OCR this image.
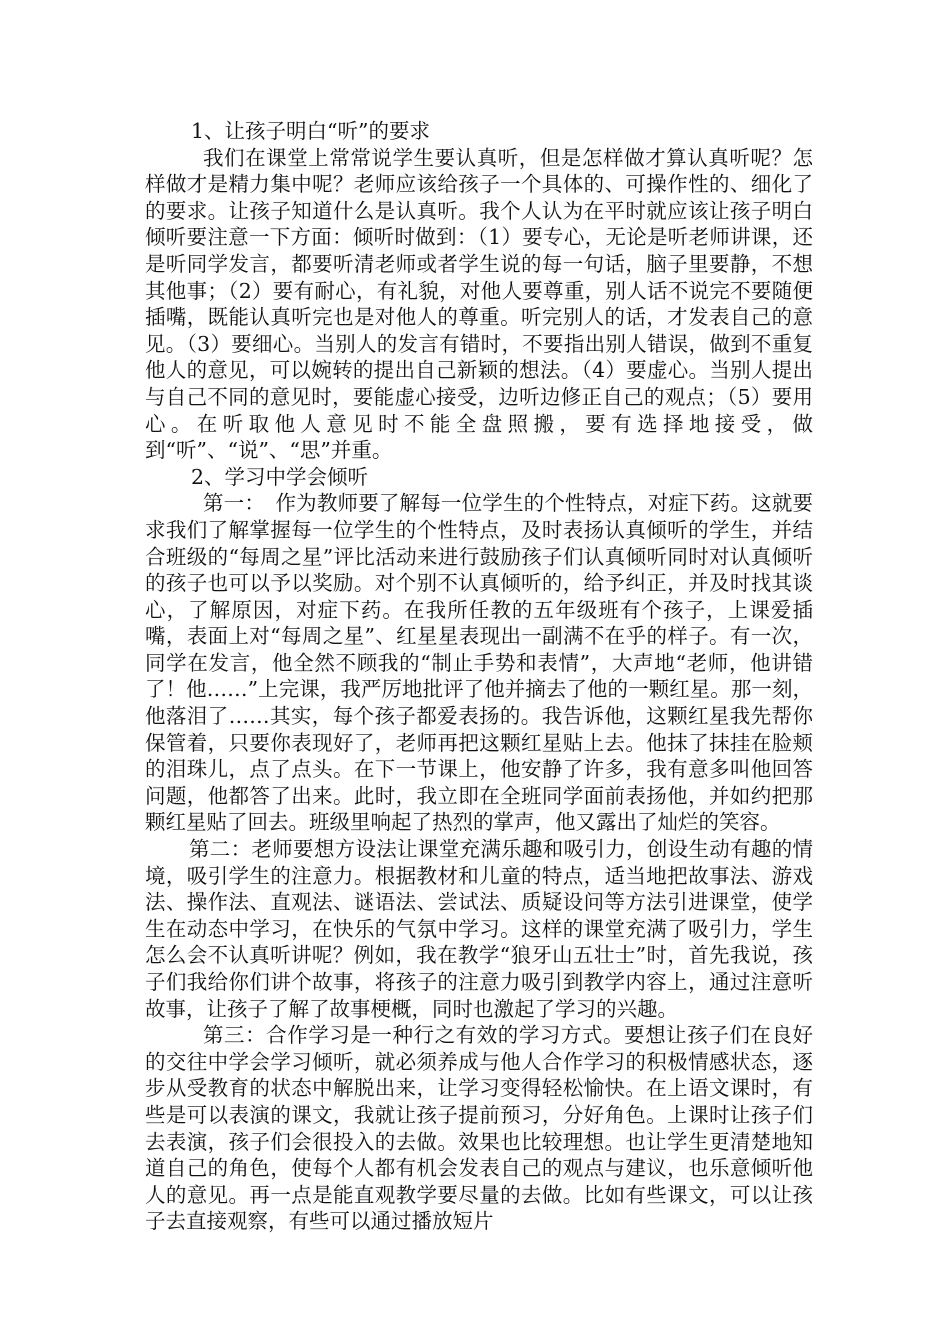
1、让孩子明白“听”的要求

我们在课堂上常常说学生要认真听，但是怎样做才算认真听呢？怎样做才是精力集中呢？老师应该给孩子一个具体的、可操作性的、细化了的要求。让孩子知道什么是认真听。我个人认为在平时就应该让孩子明白倾听要注意一下方面：倾听时做到：（1）要专心，无论是听老师讲课，还是听同学发言，都要听清老师或者学生说的每一句话，脑子里要静，不想其他事；（2）要有耐心，有礼貌，对他人要尊重，别人话不说完不要随便插嘴，既能认真听完也是对他人的尊重。听完别人的话，才发表自己的意见。（3）要细心。当别人的发言有错时，不要指出别人错误，做到不重复他人的意见，可以婉转的提出自己新颖的想法。（4）要虚心。当别人提出与自己不同的意见时，要能虚心接受，边听边修正自己的观点；（5）要用心。在听取他人意见时不能全盘照搬，要有选择地接受，做到“听”、“说”、“思”并重。

2、学习中学会倾听

第一：　作为教师要了解每一位学生的个性特点，对症下药。这就要求我们了解掌握每一位学生的个性特点，及时表扬认真倾听的学生，并结合班级的“每周之星”评比活动来进行鼓励孩子们认真倾听同时对认真倾听的孩子也可以予以奖励。对个别不认真倾听的，给予纠正，并及时找其谈心，了解原因，对症下药。在我所任教的五年级班有个孩子，上课爱插嘴，表面上对“每周之星”、红星星表现出一副满不在乎的样子。有一次，同学在发言，他全然不顾我的“制止手势和表情”，大声地“老师，他讲错了！他……”上完课，我严厉地批评了他并摘去了他的一颗红星。那一刻，他落泪了……其实，每个孩子都爱表扬的。我告诉他，这颗红星我先帮你保管着，只要你表现好了，老师再把这颗红星贴上去。他抹了抹挂在脸颊的泪珠儿，点了点头。在下一节课上，他安静了许多，我有意多叫他回答问题，他都答了出来。此时，我立即在全班同学面前表扬他，并如约把那颗红星贴了回去。班级里响起了热烈的掌声，他又露出了灿烂的笑容。

第二：老师要想方设法让课堂充满乐趣和吸引力，创设生动有趣的情境，吸引学生的注意力。根据教材和儿童的特点，适当地把故事法、游戏法、操作法、直观法、谜语法、尝试法、质疑设问等方法引进课堂，使学生在动态中学习，在快乐的气氛中学习。这样的课堂充满了吸引力，学生怎么会不认真听讲呢？例如，我在教学“狼牙山五壮士”时，首先我说，孩子们我给你们讲个故事，将孩子的注意力吸引到教学内容上，通过注意听故事，让孩子了解了故事梗概，同时也激起了学习的兴趣。

第三：合作学习是一种行之有效的学习方式。要想让孩子们在良好的交往中学会学习倾听，就必须养成与他人合作学习的积极情感状态，逐步从受教育的状态中解脱出来，让学习变得轻松愉快。在上语文课时，有些是可以表演的课文，我就让孩子提前预习，分好角色。上课时让孩子们去表演，孩子们会很投入的去做。效果也比较理想。也让学生更清楚地知道自己的角色，使每个人都有机会发表自己的观点与建议，也乐意倾听他人的意见。再一点是能直观教学要尽量的去做。比如有些课文，可以让孩子去直接观察，有些可以通过播放短片
